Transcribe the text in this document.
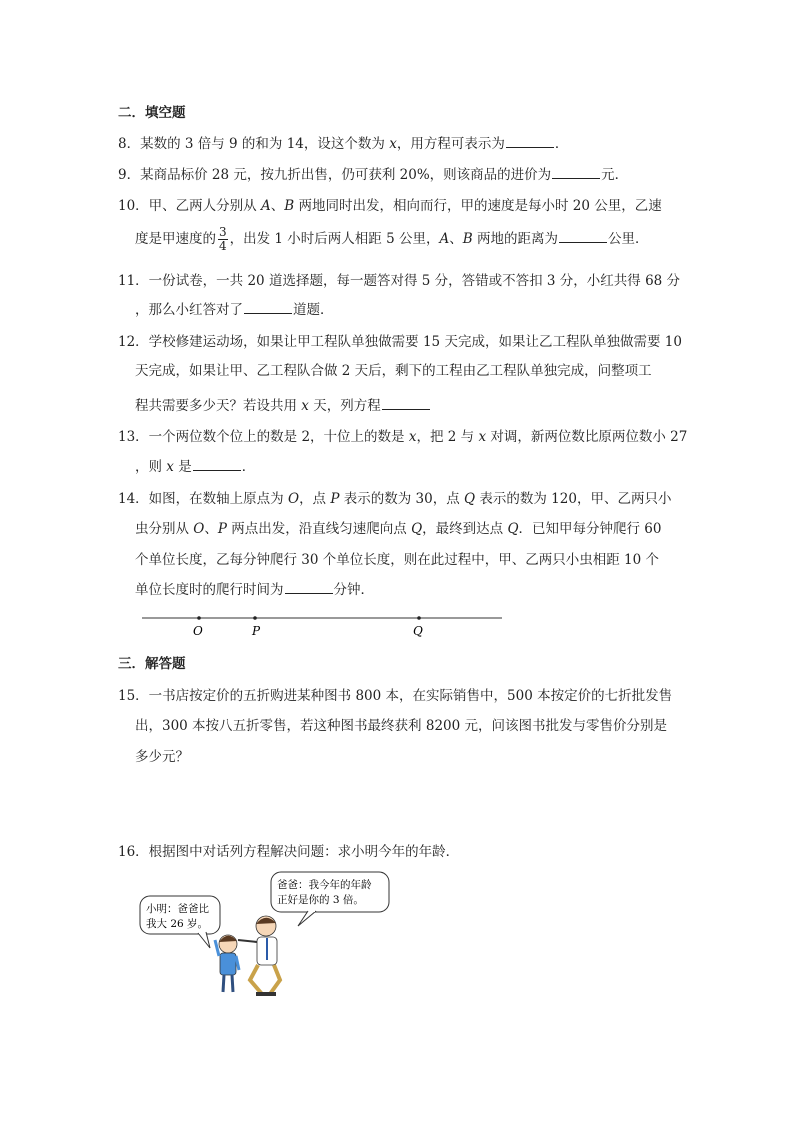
二．填空题
8．某数的 3 倍与 9 的和为 14，设这个数为 x，用方程可表示为	．
9．某商品标价 28 元，按九折出售，仍可获利 20%，则该商品的进价为	元．
10．甲、乙两人分别从 A、B 两地同时出发，相向而行，甲的速度是每小时 20 公里，乙速
度是甲速度的 $\frac{3}{4}$ ，出发 1 小时后两人相距 5 公里，A、B 两地的距离为	公里．
11．一份试卷，一共 20 道选择题，每一题答对得 5 分，答错或不答扣 3 分，小红共得 68 分
，那么小红答对了	道题．
12．学校修建运动场，如果让甲工程队单独做需要 15 天完成，如果让乙工程队单独做需要 10
天完成，如果让甲、乙工程队合做 2 天后，剩下的工程由乙工程队单独完成，问整项工
程共需要多少天？若设共用 x 天，列方程
13．一个两位数个位上的数是 2，十位上的数是 x，把 2 与 x 对调，新两位数比原两位数小 27
，则 x 是	．
14．如图，在数轴上原点为 O，点 P 表示的数为 30，点 Q 表示的数为 120，甲、乙两只小
虫分别从 O、P 两点出发，沿直线匀速爬向点 Q，最终到达点 Q．已知甲每分钟爬行 60
个单位长度，乙每分钟爬行 30 个单位长度，则在此过程中，甲、乙两只小虫相距 10 个
单位长度时的爬行时间为	分钟．
O	P	Q
三．解答题
15．一书店按定价的五折购进某种图书 800 本，在实际销售中，500 本按定价的七折批发售
出，300 本按八五折零售，若这种图书最终获利 8200 元，问该图书批发与零售价分别是
多少元？
16．根据图中对话列方程解决问题：求小明今年的年龄．
小明：爸爸比
我大 26 岁。
爸爸：我今年的年龄
正好是你的 3 倍。
